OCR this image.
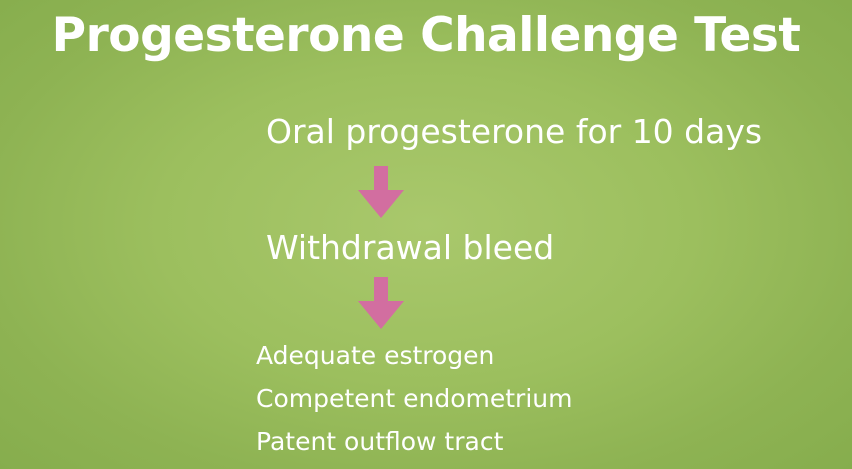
Progesterone Challenge Test
Oral progesterone for 10 days
Withdrawal bleed
Adequate estrogen
Competent endometrium
Patent outflow tract
